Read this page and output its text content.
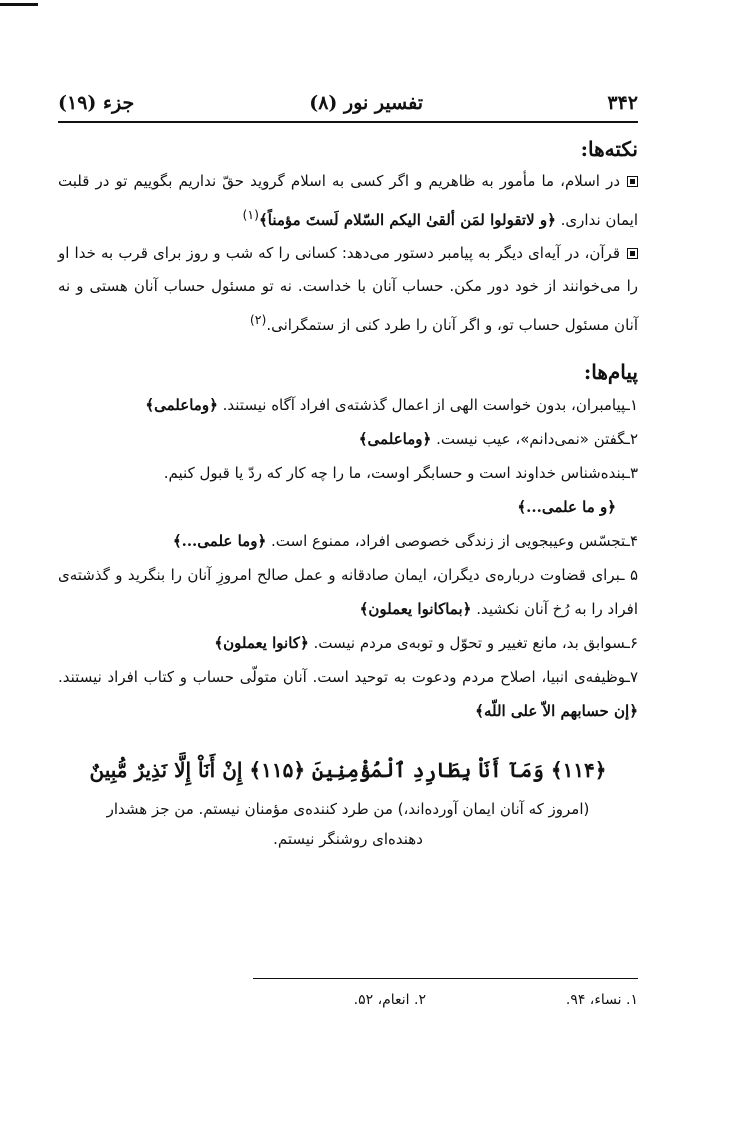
۳۴۲
تفسیر نور (۸)
جزء (۱۹)
نکته‌ها:

در اسلام، ما مأمور به ظاهریم و اگر کسی به اسلام گروید حقّ نداریم بگوییم تو در قلبت ایمان نداری. ﴿و لاتقولوا لمَن ألقیٰ الیکم السّلام لَستَ مؤمناً﴾$^{(۱)}$

قرآن، در آیه‌ای دیگر به پیامبر دستور می‌دهد: کسانی را که شب و روز برای قرب به خدا او را می‌خوانند از خود دور مکن. حساب آنان با خداست. نه تو مسئول حساب آنان هستی و نه آنان مسئول حساب تو، و اگر آنان را طرد کنی از ستمگرانی.$^{(۲)}$

پیام‌ها:

۱ـپیامبران، بدون خواست الهی از اعمال گذشته‌ی افراد آگاه نیستند. ﴿وماعلمی﴾

۲ـگفتن «نمی‌دانم»، عیب نیست. ﴿وماعلمی﴾

۳ـبنده‌شناس خداوند است و حسابگر اوست، ما را چه کار که ردّ یا قبول کنیم.
﴿و ما علمی...﴾

۴ـتجسّس وعیبجویی از زندگی خصوصی افراد، ممنوع است. ﴿وما علمی...﴾

۵ ـبرای قضاوت درباره‌ی دیگران، ایمان صادقانه و عمل صالح امروزِ آنان را بنگرید و گذشته‌ی افراد را به رُخ آنان نکشید. ﴿بماکانوا یعملون﴾

۶ـسوابق بد، مانع تغییر و تحوّل و توبه‌ی مردم نیست. ﴿کانوا یعملون﴾

۷ـوظیفه‌ی انبیا، اصلاح مردم ودعوت به توحید است. آنان متولّی حساب و کتاب افراد نیستند. ﴿إن حسابهم الاّ علی اللّه﴾

﴿۱۱۴﴾ وَمَآ أَنَاْ بِطَارِدِ ٱلْمُؤْمِنِينَ ﴿۱۱۵﴾ إِنْ أَنَاْ إِلَّا نَذِيرٌ مُّبِينٌ
(امروز که آنان ایمان آورده‌اند،) من طرد کننده‌ی مؤمنان نیستم. من جز هشدار دهنده‌ای روشنگر نیستم.
۱. نساء، ۹۴.
۲. انعام، ۵۲.
